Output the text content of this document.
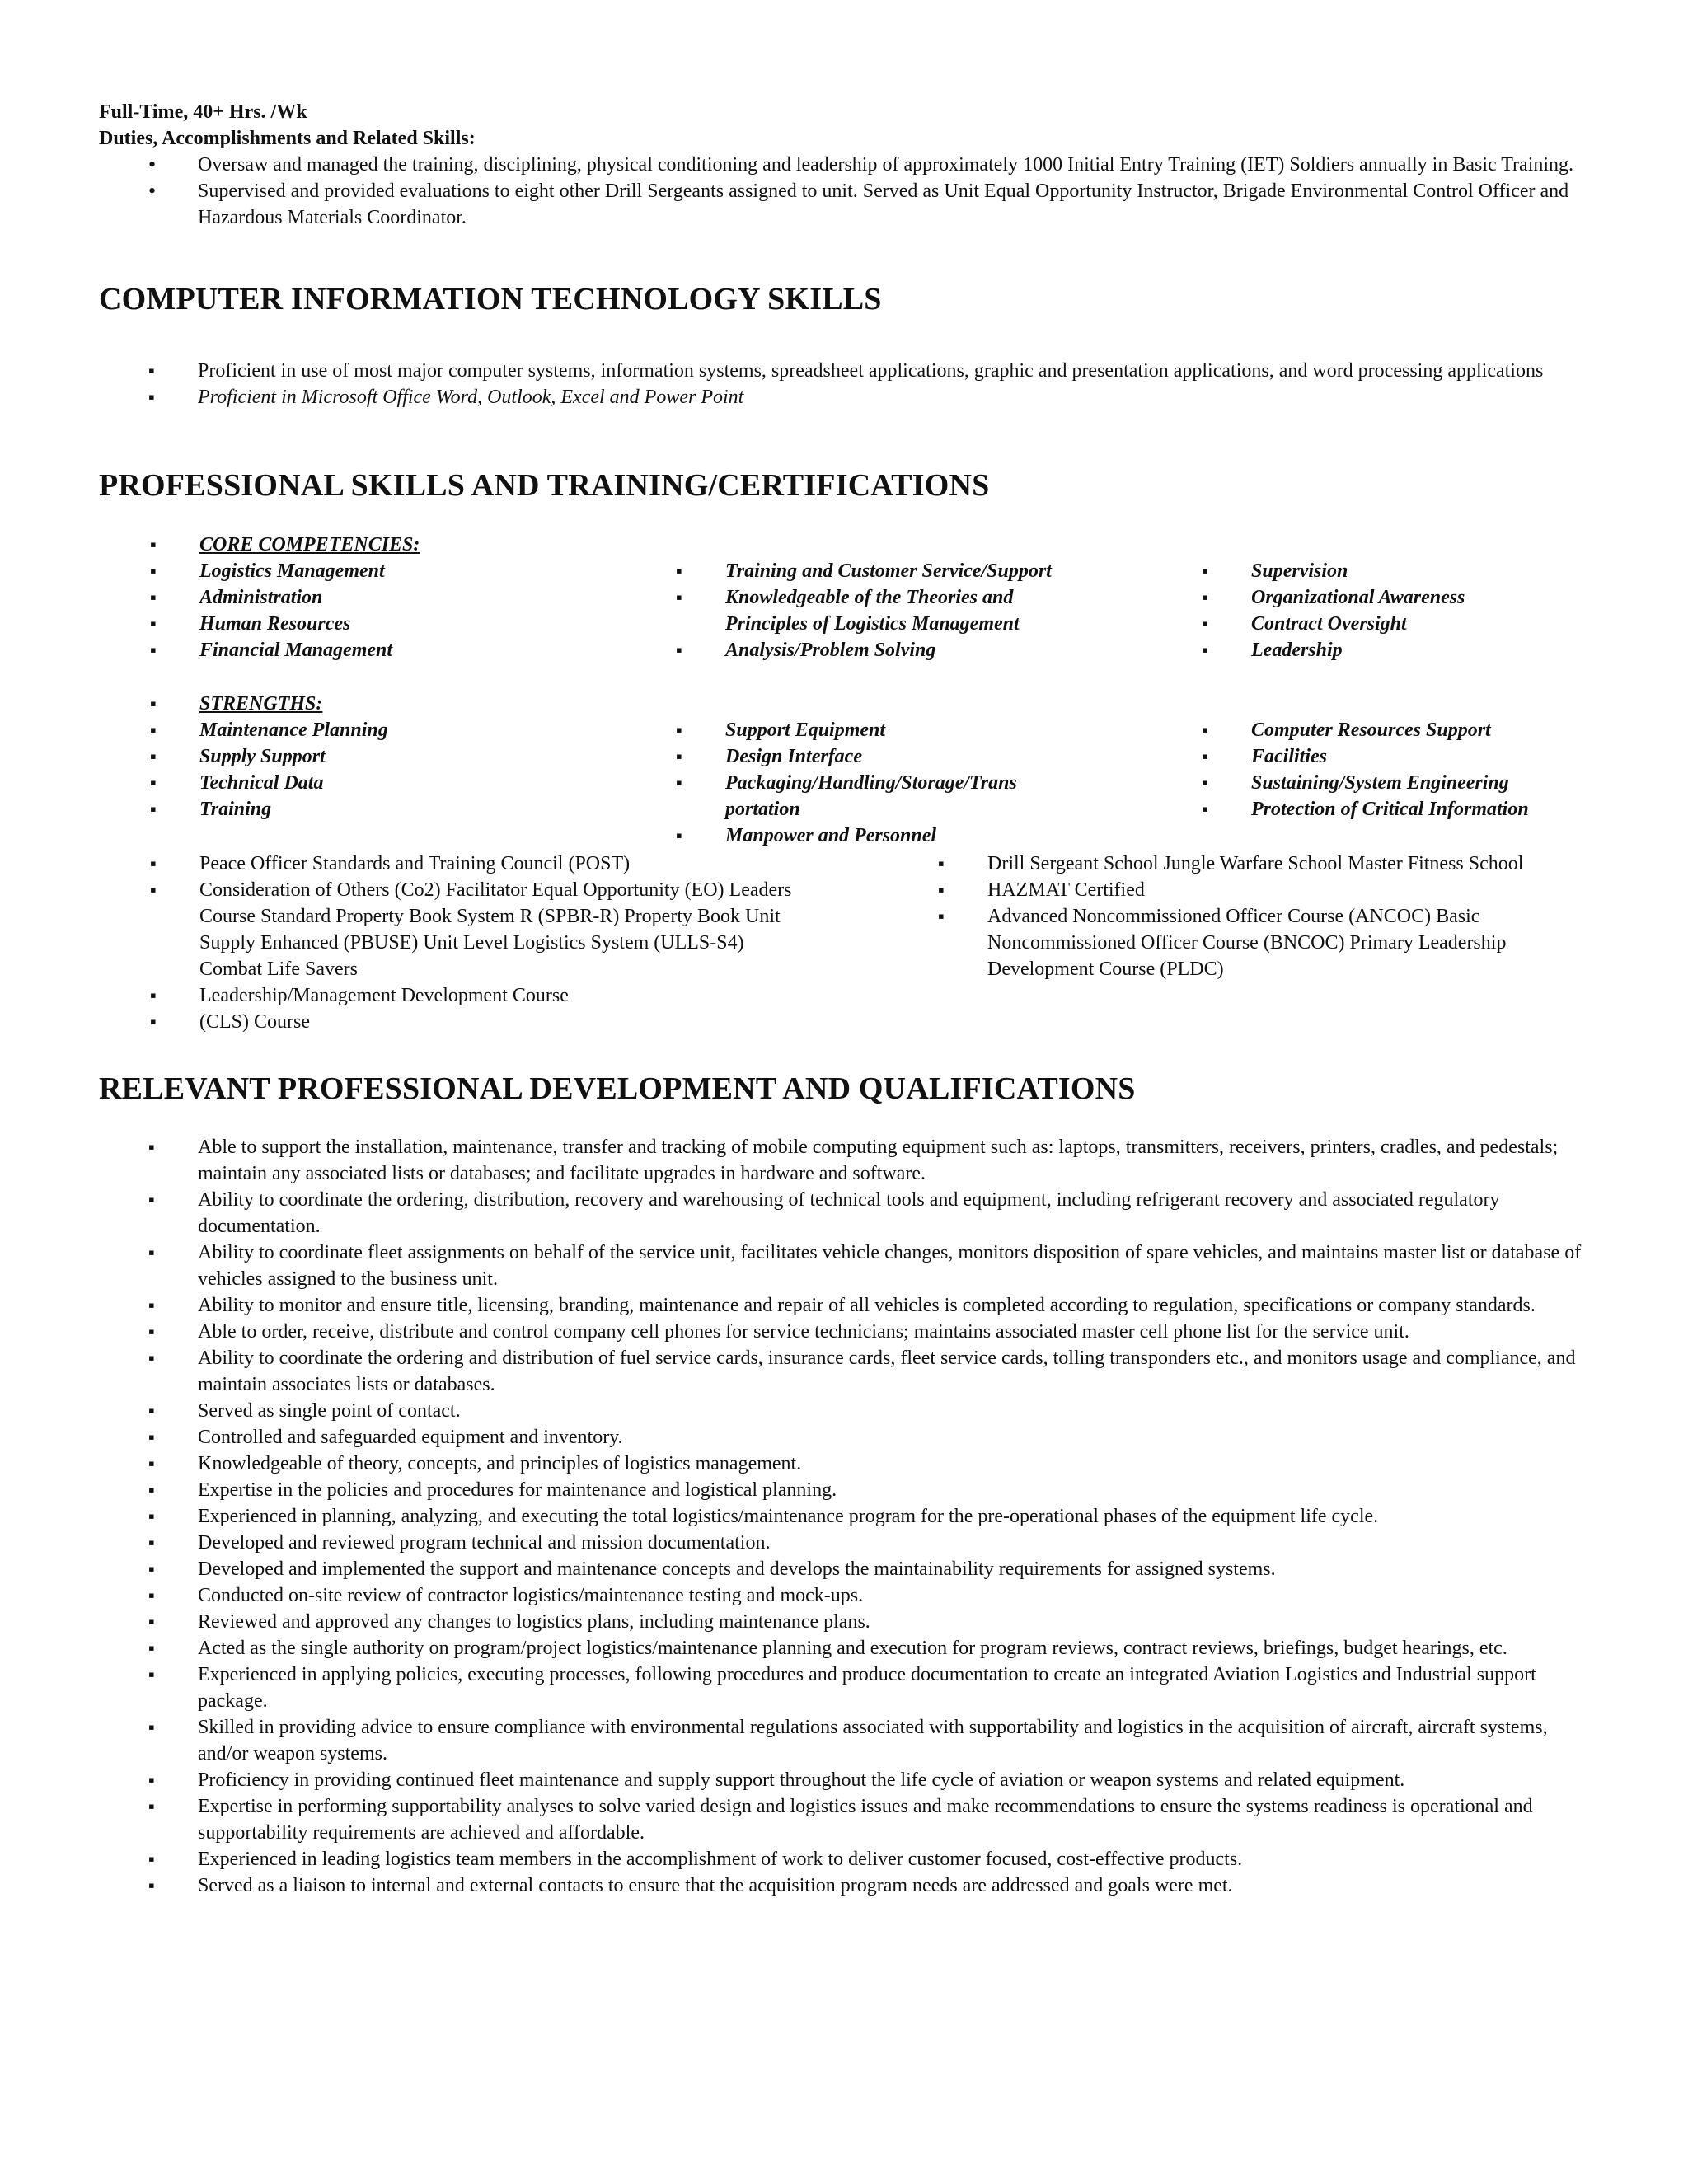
Full-Time, 40+ Hrs. /Wk
Duties, Accomplishments and Related Skills:
• Oversaw and managed the training, disciplining, physical conditioning and leadership of approximately 1000 Initial Entry Training (IET) Soldiers annually in Basic Training.
• Supervised and provided evaluations to eight other Drill Sergeants assigned to unit. Served as Unit Equal Opportunity Instructor, Brigade Environmental Control Officer and Hazardous Materials Coordinator.
COMPUTER INFORMATION TECHNOLOGY SKILLS
▪ Proficient in use of most major computer systems, information systems, spreadsheet applications, graphic and presentation applications, and word processing applications
▪ Proficient in Microsoft Office Word, Outlook, Excel and Power Point
PROFESSIONAL SKILLS AND TRAINING/CERTIFICATIONS
▪ CORE COMPETENCIES:
▪ Logistics Management
▪ Administration
▪ Human Resources
▪ Financial Management
▪ Training and Customer Service/Support
▪ Knowledgeable of the Theories and Principles of Logistics Management
▪ Analysis/Problem Solving
▪ Supervision
▪ Organizational Awareness
▪ Contract Oversight
▪ Leadership
▪ STRENGTHS:
▪ Maintenance Planning
▪ Supply Support
▪ Technical Data
▪ Training
▪ Support Equipment
▪ Design Interface
▪ Packaging/Handling/Storage/Trans portation
▪ Manpower and Personnel
▪ Computer Resources Support
▪ Facilities
▪ Sustaining/System Engineering
▪ Protection of Critical Information
▪ Peace Officer Standards and Training Council (POST)
▪ Consideration of Others (Co2) Facilitator Equal Opportunity (EO) Leaders Course Standard Property Book System R (SPBR-R) Property Book Unit Supply Enhanced (PBUSE) Unit Level Logistics System (ULLS-S4) Combat Life Savers
▪ Leadership/Management Development Course
▪ (CLS) Course
▪ Drill Sergeant School Jungle Warfare School Master Fitness School
▪ HAZMAT Certified
▪ Advanced Noncommissioned Officer Course (ANCOC) Basic Noncommissioned Officer Course (BNCOC) Primary Leadership Development Course (PLDC)
RELEVANT PROFESSIONAL DEVELOPMENT AND QUALIFICATIONS
▪ Able to support the installation, maintenance, transfer and tracking of mobile computing equipment such as: laptops, transmitters, receivers, printers, cradles, and pedestals; maintain any associated lists or databases; and facilitate upgrades in hardware and software.
▪ Ability to coordinate the ordering, distribution, recovery and warehousing of technical tools and equipment, including refrigerant recovery and associated regulatory documentation.
▪ Ability to coordinate fleet assignments on behalf of the service unit, facilitates vehicle changes, monitors disposition of spare vehicles, and maintains master list or database of vehicles assigned to the business unit.
▪ Ability to monitor and ensure title, licensing, branding, maintenance and repair of all vehicles is completed according to regulation, specifications or company standards.
▪ Able to order, receive, distribute and control company cell phones for service technicians; maintains associated master cell phone list for the service unit.
▪ Ability to coordinate the ordering and distribution of fuel service cards, insurance cards, fleet service cards, tolling transponders etc., and monitors usage and compliance, and maintain associates lists or databases.
▪ Served as single point of contact.
▪ Controlled and safeguarded equipment and inventory.
▪ Knowledgeable of theory, concepts, and principles of logistics management.
▪ Expertise in the policies and procedures for maintenance and logistical planning.
▪ Experienced in planning, analyzing, and executing the total logistics/maintenance program for the pre-operational phases of the equipment life cycle.
▪ Developed and reviewed program technical and mission documentation.
▪ Developed and implemented the support and maintenance concepts and develops the maintainability requirements for assigned systems.
▪ Conducted on-site review of contractor logistics/maintenance testing and mock-ups.
▪ Reviewed and approved any changes to logistics plans, including maintenance plans.
▪ Acted as the single authority on program/project logistics/maintenance planning and execution for program reviews, contract reviews, briefings, budget hearings, etc.
▪ Experienced in applying policies, executing processes, following procedures and produce documentation to create an integrated Aviation Logistics and Industrial support package.
▪ Skilled in providing advice to ensure compliance with environmental regulations associated with supportability and logistics in the acquisition of aircraft, aircraft systems, and/or weapon systems.
▪ Proficiency in providing continued fleet maintenance and supply support throughout the life cycle of aviation or weapon systems and related equipment.
▪ Expertise in performing supportability analyses to solve varied design and logistics issues and make recommendations to ensure the systems readiness is operational and supportability requirements are achieved and affordable.
▪ Experienced in leading logistics team members in the accomplishment of work to deliver customer focused, cost-effective products.
▪ Served as a liaison to internal and external contacts to ensure that the acquisition program needs are addressed and goals were met.
